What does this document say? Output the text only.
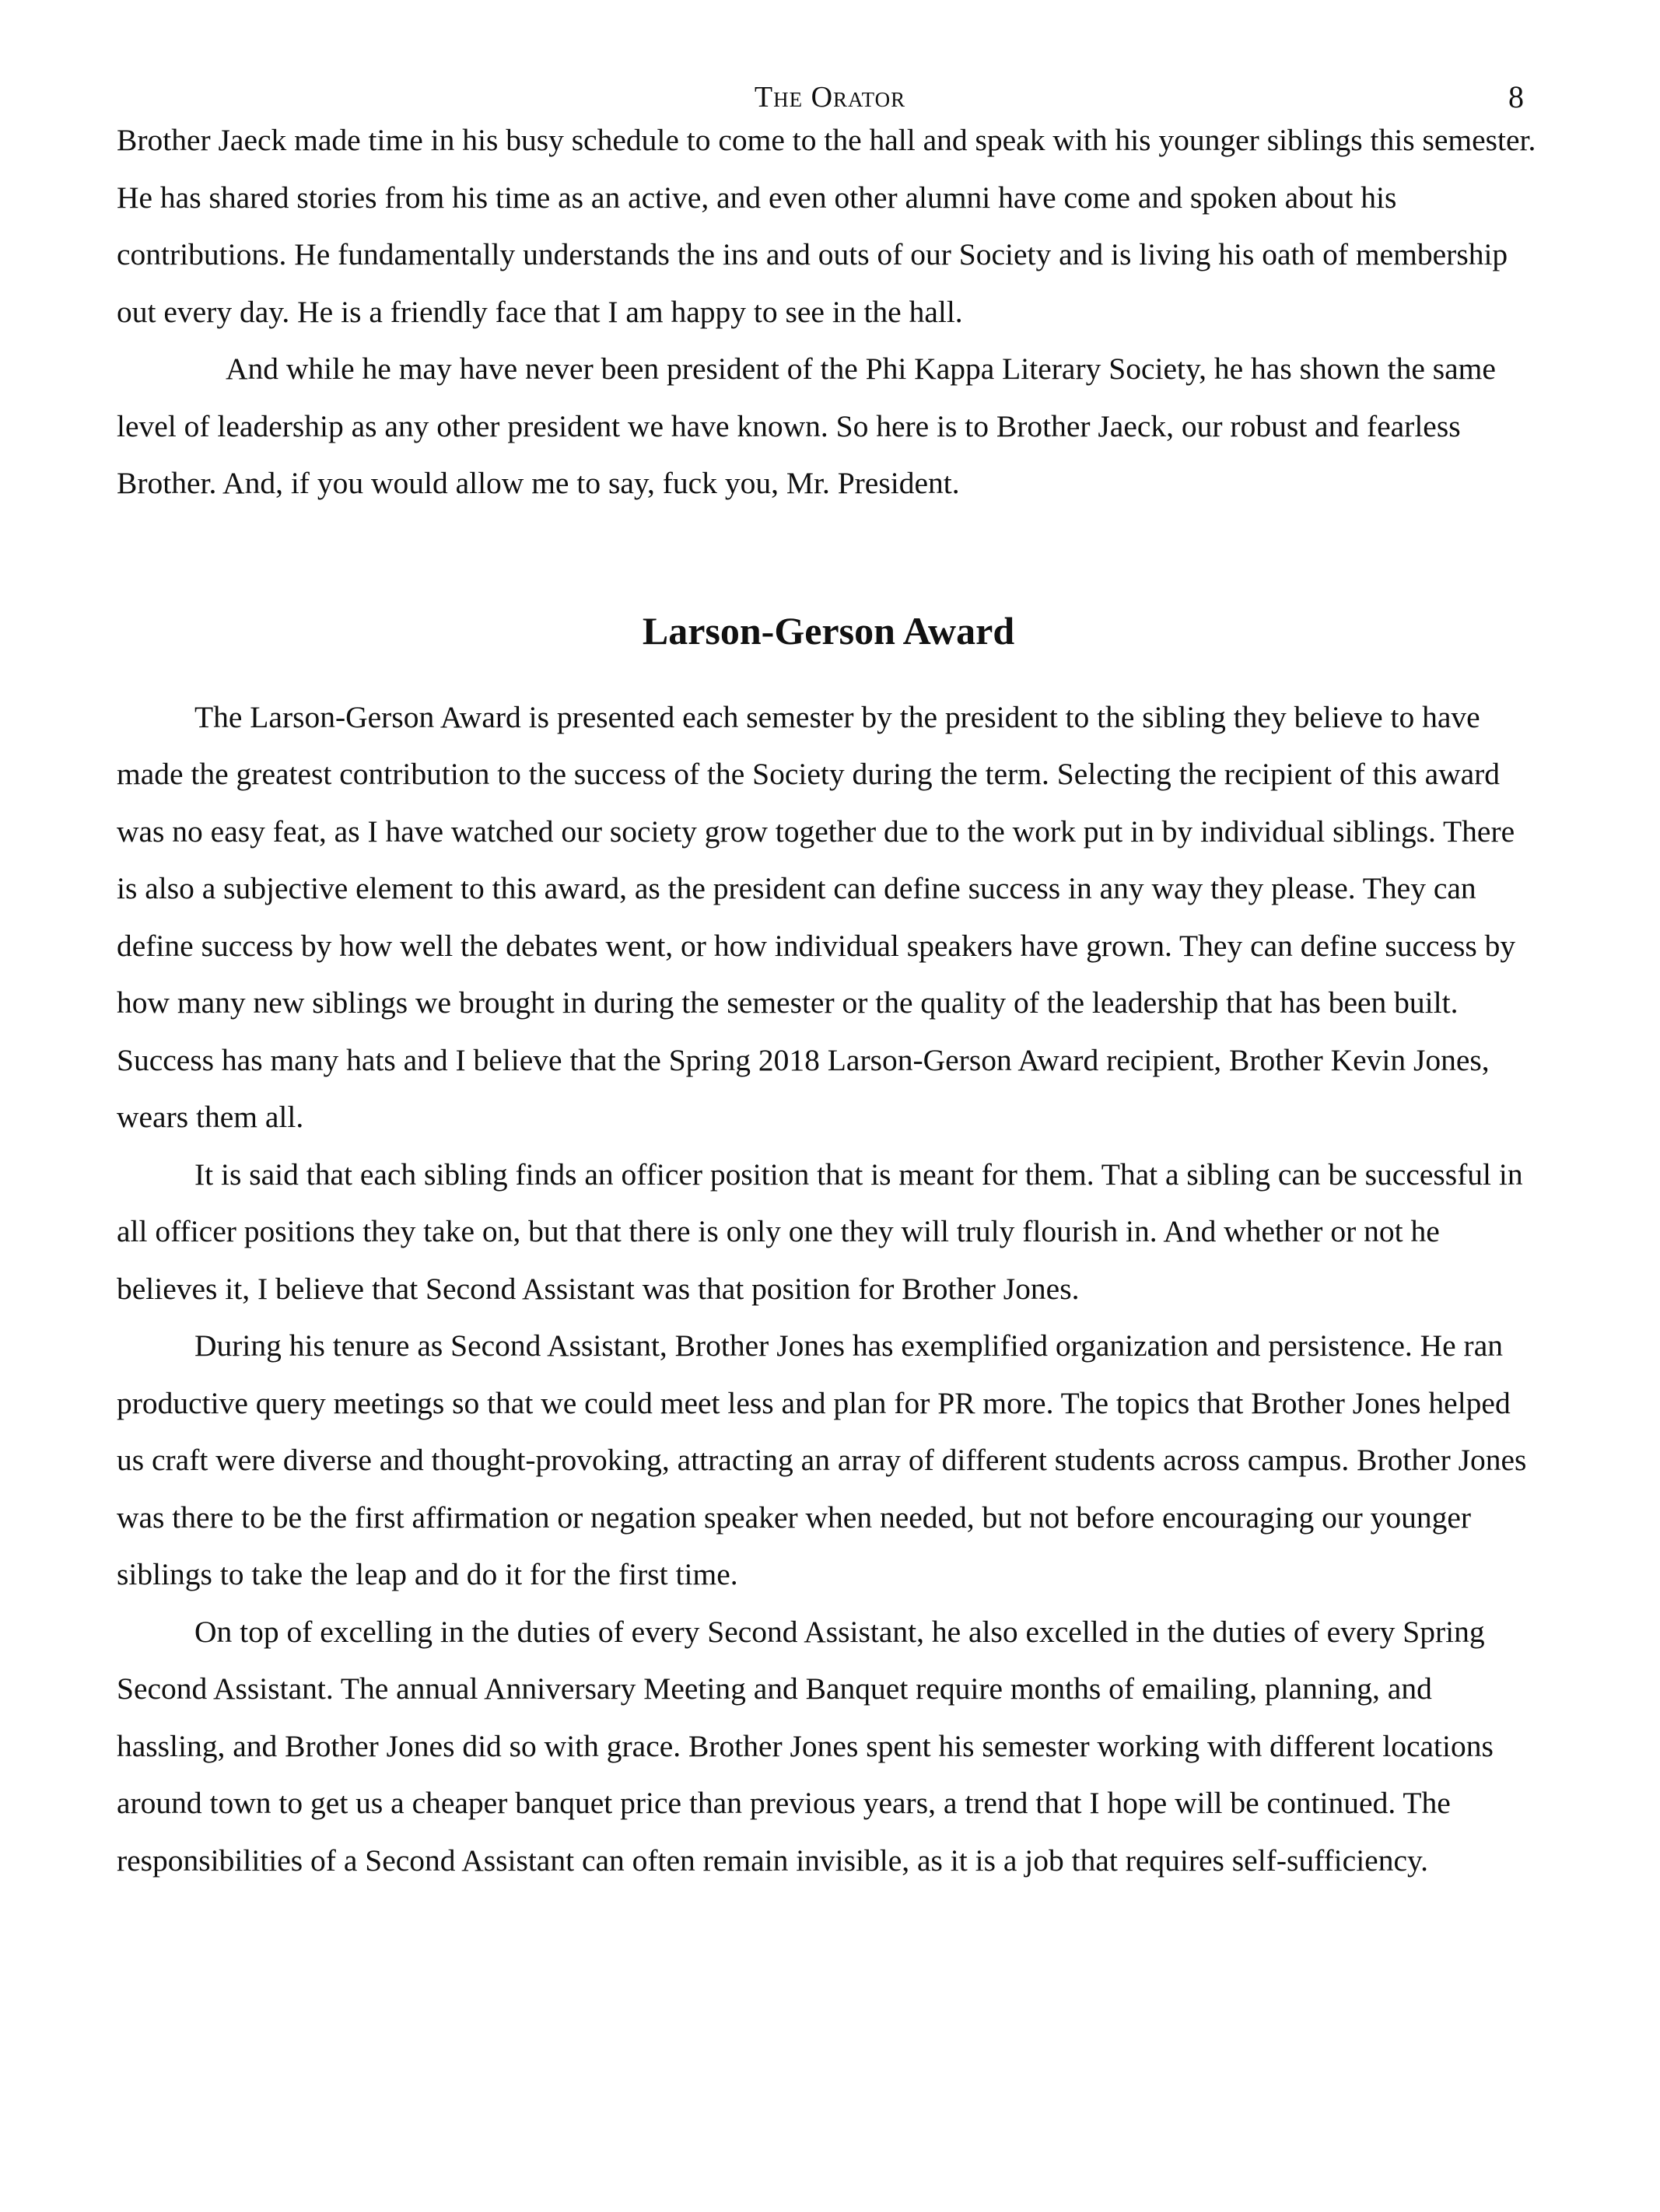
The Orator	8

Brother Jaeck made time in his busy schedule to come to the hall and speak with his younger siblings this semester. He has shared stories from his time as an active, and even other alumni have come and spoken about his contributions. He fundamentally understands the ins and outs of our Society and is living his oath of membership out every day. He is a friendly face that I am happy to see in the hall.

And while he may have never been president of the Phi Kappa Literary Society, he has shown the same level of leadership as any other president we have known. So here is to Brother Jaeck, our robust and fearless Brother. And, if you would allow me to say, fuck you, Mr. President.

Larson-Gerson Award

The Larson-Gerson Award is presented each semester by the president to the sibling they believe to have made the greatest contribution to the success of the Society during the term. Selecting the recipient of this award was no easy feat, as I have watched our society grow together due to the work put in by individual siblings. There is also a subjective element to this award, as the president can define success in any way they please. They can define success by how well the debates went, or how individual speakers have grown. They can define success by how many new siblings we brought in during the semester or the quality of the leadership that has been built. Success has many hats and I believe that the Spring 2018 Larson-Gerson Award recipient, Brother Kevin Jones, wears them all.

It is said that each sibling finds an officer position that is meant for them. That a sibling can be successful in all officer positions they take on, but that there is only one they will truly flourish in. And whether or not he believes it, I believe that Second Assistant was that position for Brother Jones.

During his tenure as Second Assistant, Brother Jones has exemplified organization and persistence. He ran productive query meetings so that we could meet less and plan for PR more. The topics that Brother Jones helped us craft were diverse and thought-provoking, attracting an array of different students across campus. Brother Jones was there to be the first affirmation or negation speaker when needed, but not before encouraging our younger siblings to take the leap and do it for the first time.

On top of excelling in the duties of every Second Assistant, he also excelled in the duties of every Spring Second Assistant. The annual Anniversary Meeting and Banquet require months of emailing, planning, and hassling, and Brother Jones did so with grace. Brother Jones spent his semester working with different locations around town to get us a cheaper banquet price than previous years, a trend that I hope will be continued. The responsibilities of a Second Assistant can often remain invisible, as it is a job that requires self-sufficiency.
